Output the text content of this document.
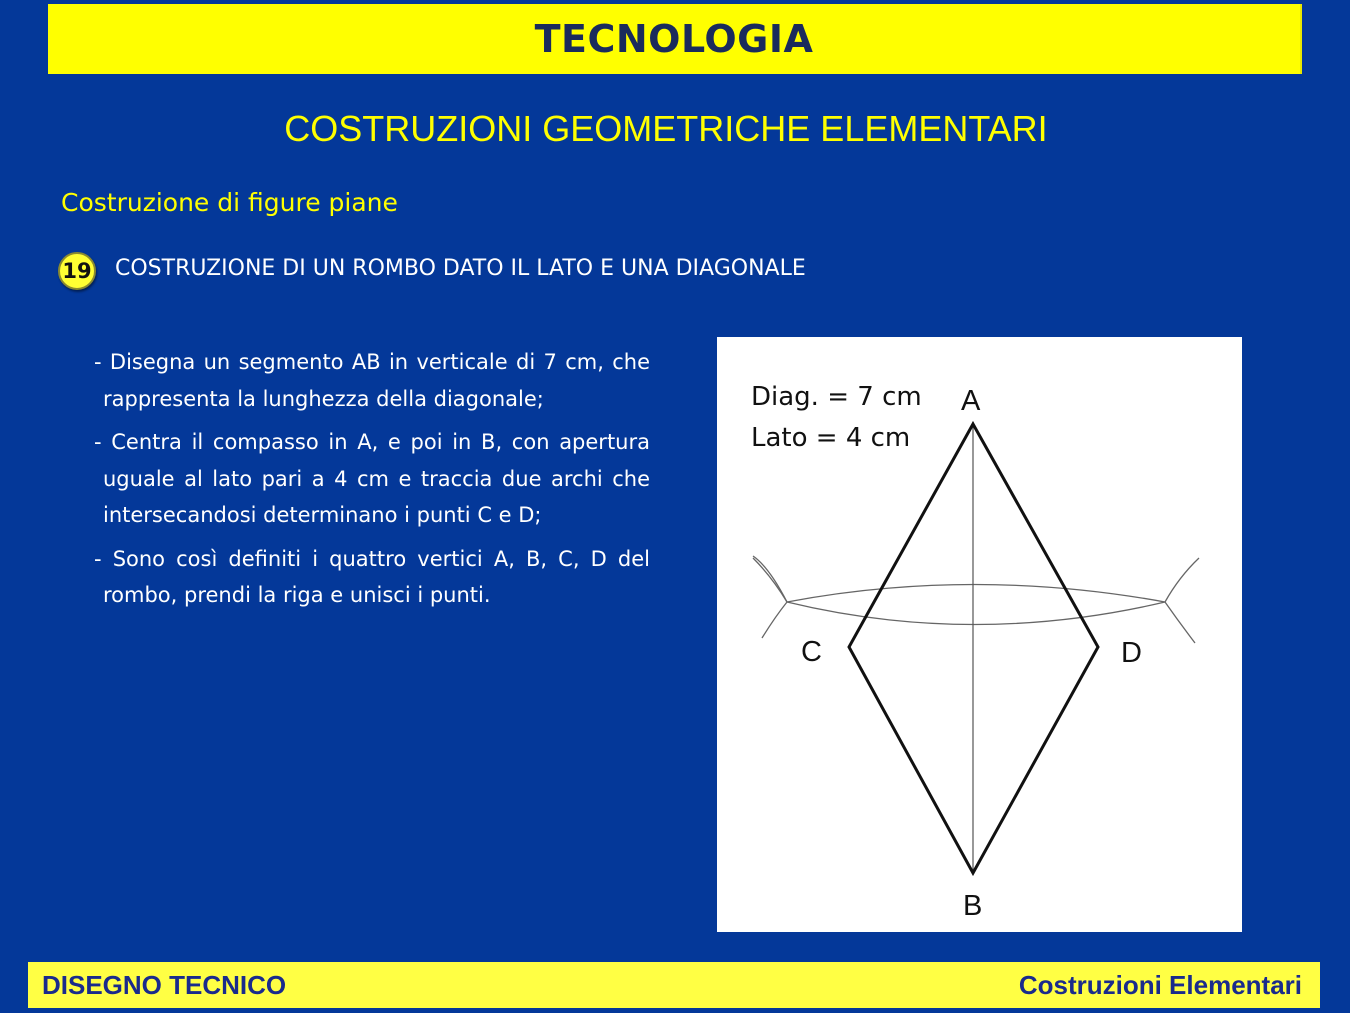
TECNOLOGIA
COSTRUZIONI GEOMETRICHE ELEMENTARI
Costruzione di figure piane
19 COSTRUZIONE DI UN ROMBO DATO IL LATO E UNA DIAGONALE
- Disegna un segmento AB in verticale di 7 cm, che rappresenta la lunghezza della diagonale;
- Centra il compasso in A, e poi in B, con apertura uguale al lato pari a 4 cm e traccia due archi che intersecandosi determinano i punti C e D;
- Sono così definiti i quattro vertici A, B, C, D del rombo, prendi la riga e unisci i punti.
Diag. = 7 cm
Lato = 4 cm
A
B
C	D
DISEGNO TECNICO	Costruzioni Elementari
